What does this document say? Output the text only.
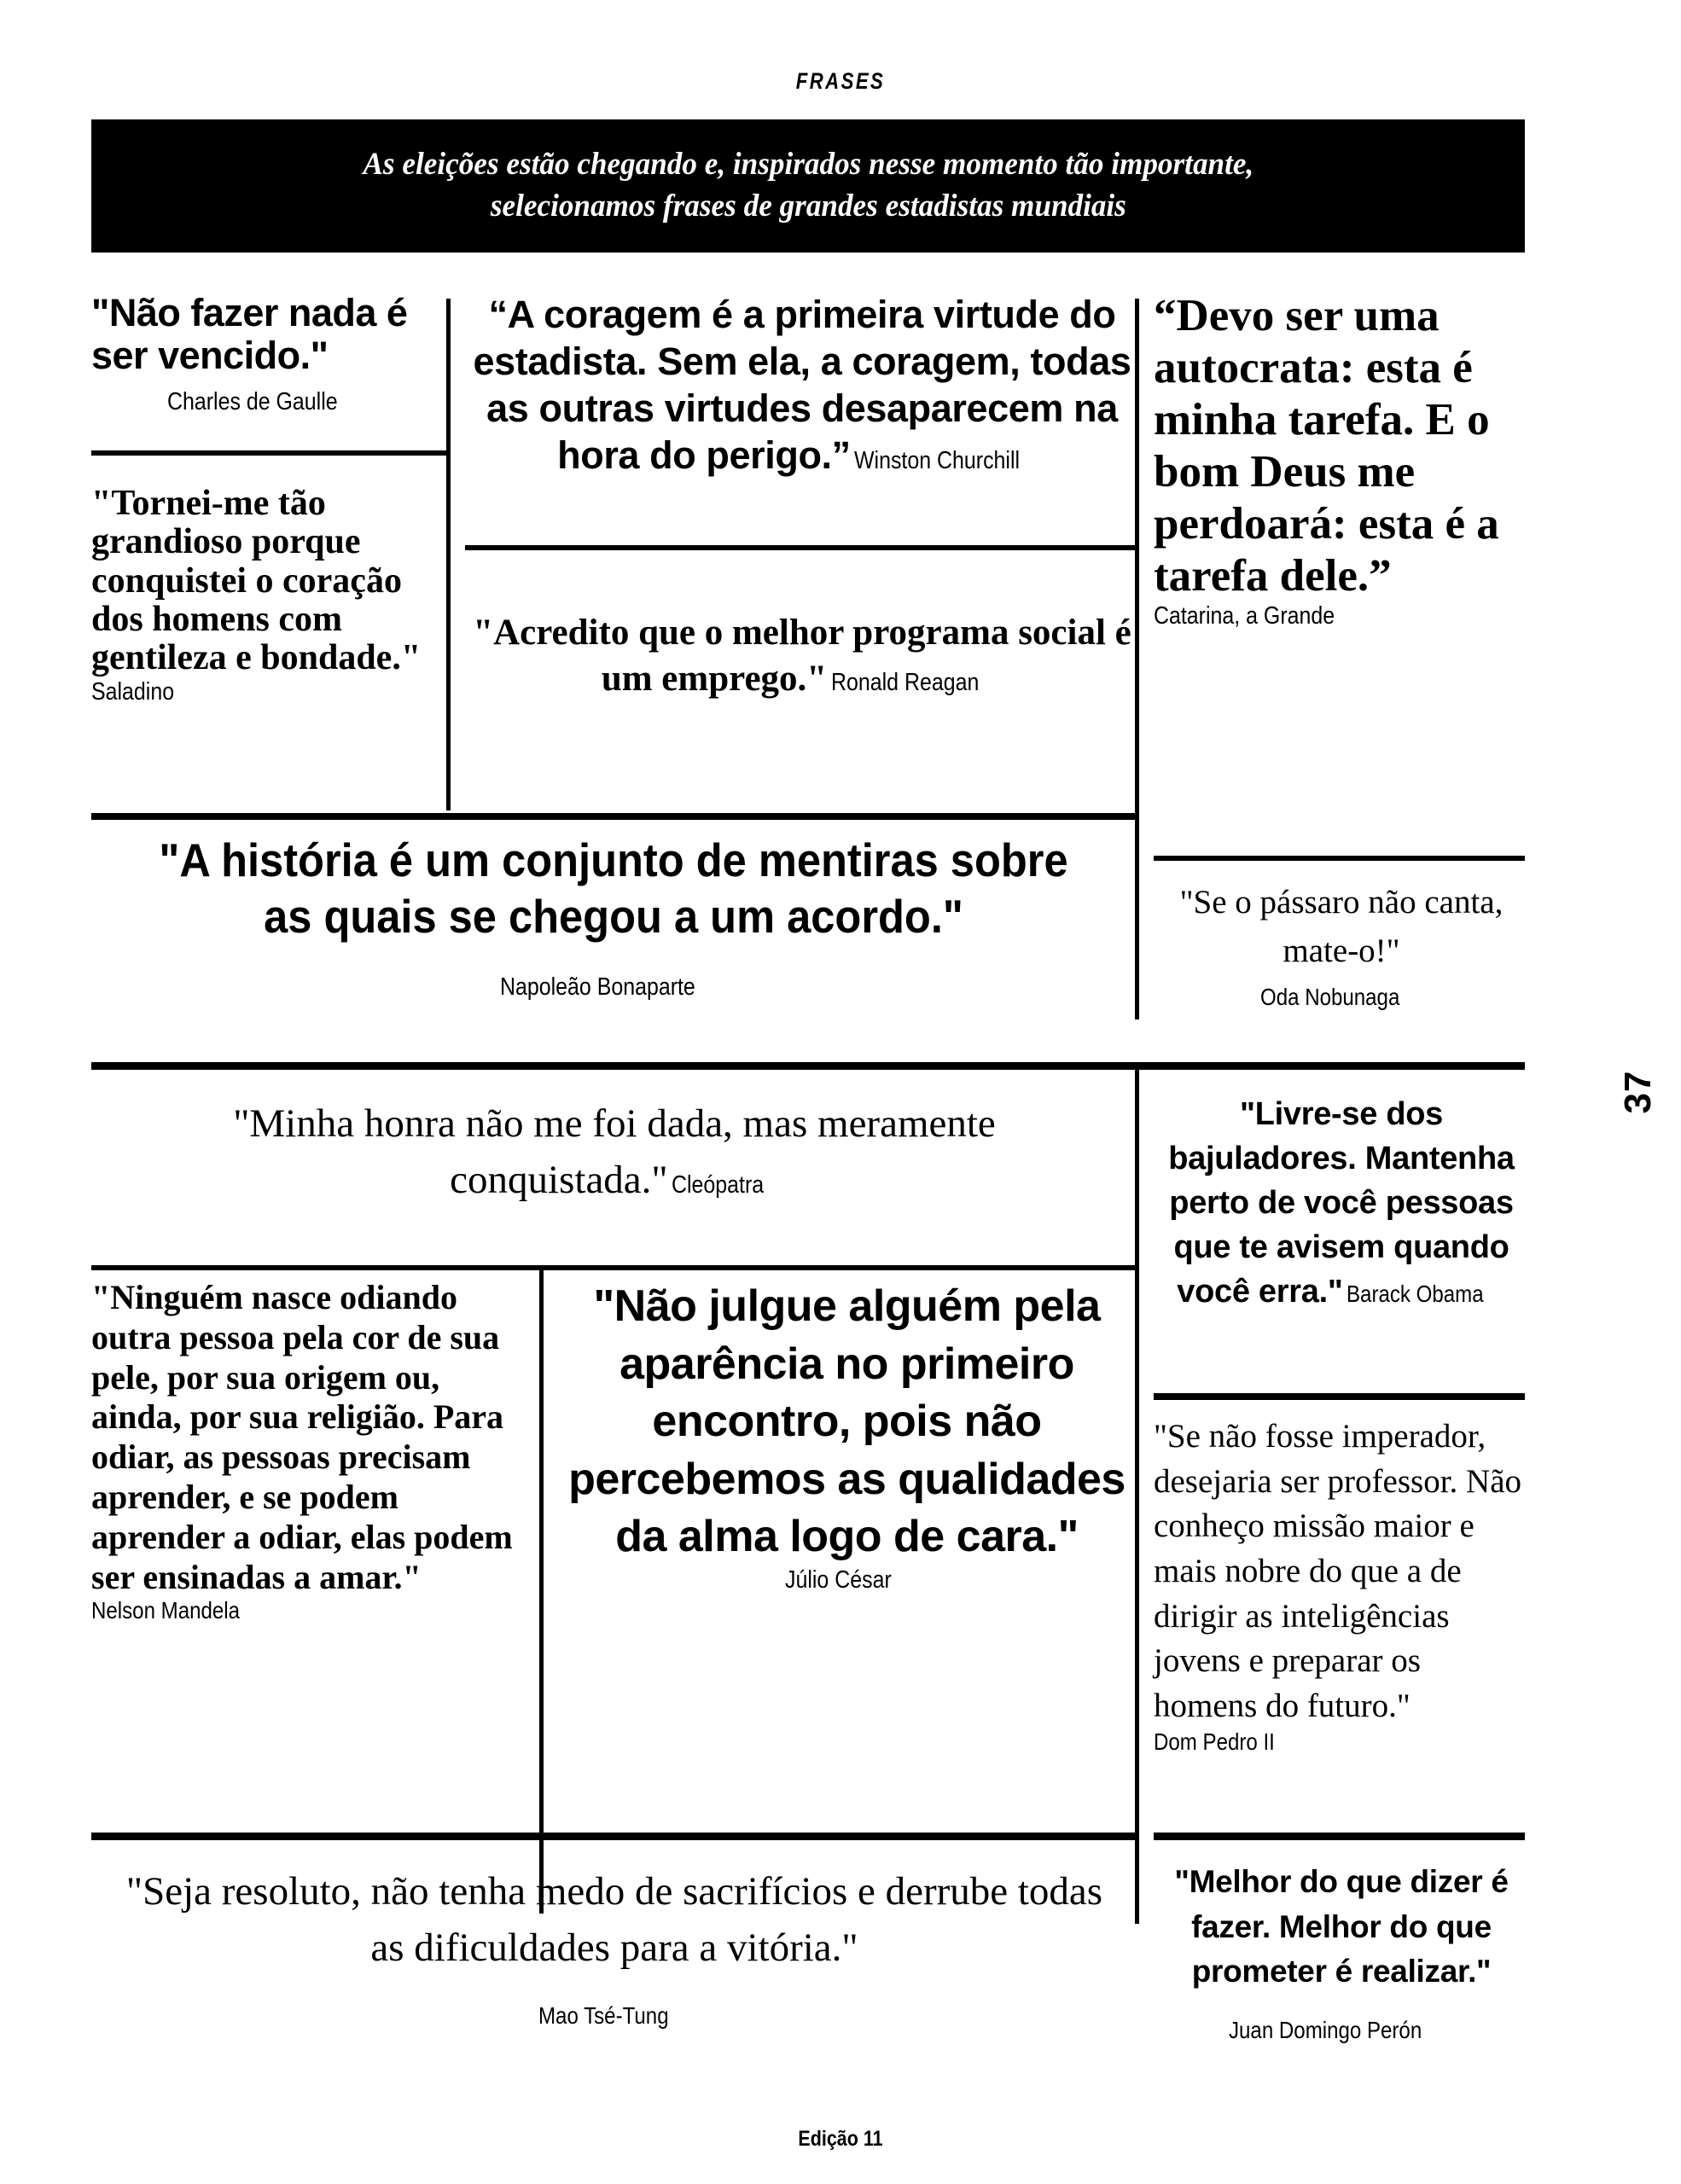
FRASES
As eleições estão chegando e, inspirados nesse momento tão importante,
selecionamos frases de grandes estadistas mundiais
"Não fazer nada é ser vencido."
Charles de Gaulle
"Tornei-me tão grandioso porque conquistei o coração dos homens com gentileza e bondade." Saladino
“A coragem é a primeira virtude do estadista. Sem ela, a coragem, todas as outras virtudes desaparecem na hora do perigo.” Winston Churchill
"Acredito que o melhor programa social é um emprego." Ronald Reagan
“Devo ser uma autocrata: esta é minha tarefa. E o bom Deus me perdoará: esta é a tarefa dele.” Catarina, a Grande
"Se o pássaro não canta, mate-o!"
Oda Nobunaga
"A história é um conjunto de mentiras sobre as quais se chegou a um acordo."
Napoleão Bonaparte
"Minha honra não me foi dada, mas meramente conquistada." Cleópatra
"Livre-se dos bajuladores. Mantenha perto de você pessoas que te avisem quando você erra." Barack Obama
"Ninguém nasce odiando outra pessoa pela cor de sua pele, por sua origem ou, ainda, por sua religião. Para odiar, as pessoas precisam aprender, e se podem aprender a odiar, elas podem ser ensinadas a amar." Nelson Mandela
"Não julgue alguém pela aparência no primeiro encontro, pois não percebemos as qualidades da alma logo de cara." Júlio César
"Se não fosse imperador, desejaria ser professor. Não conheço missão maior e mais nobre do que a de dirigir as inteligências jovens e preparar os homens do futuro." Dom Pedro II
"Seja resoluto, não tenha medo de sacrifícios e derrube todas as dificuldades para a vitória."
Mao Tsé-Tung
"Melhor do que dizer é fazer. Melhor do que prometer é realizar."
Juan Domingo Perón
37
Edição 11
